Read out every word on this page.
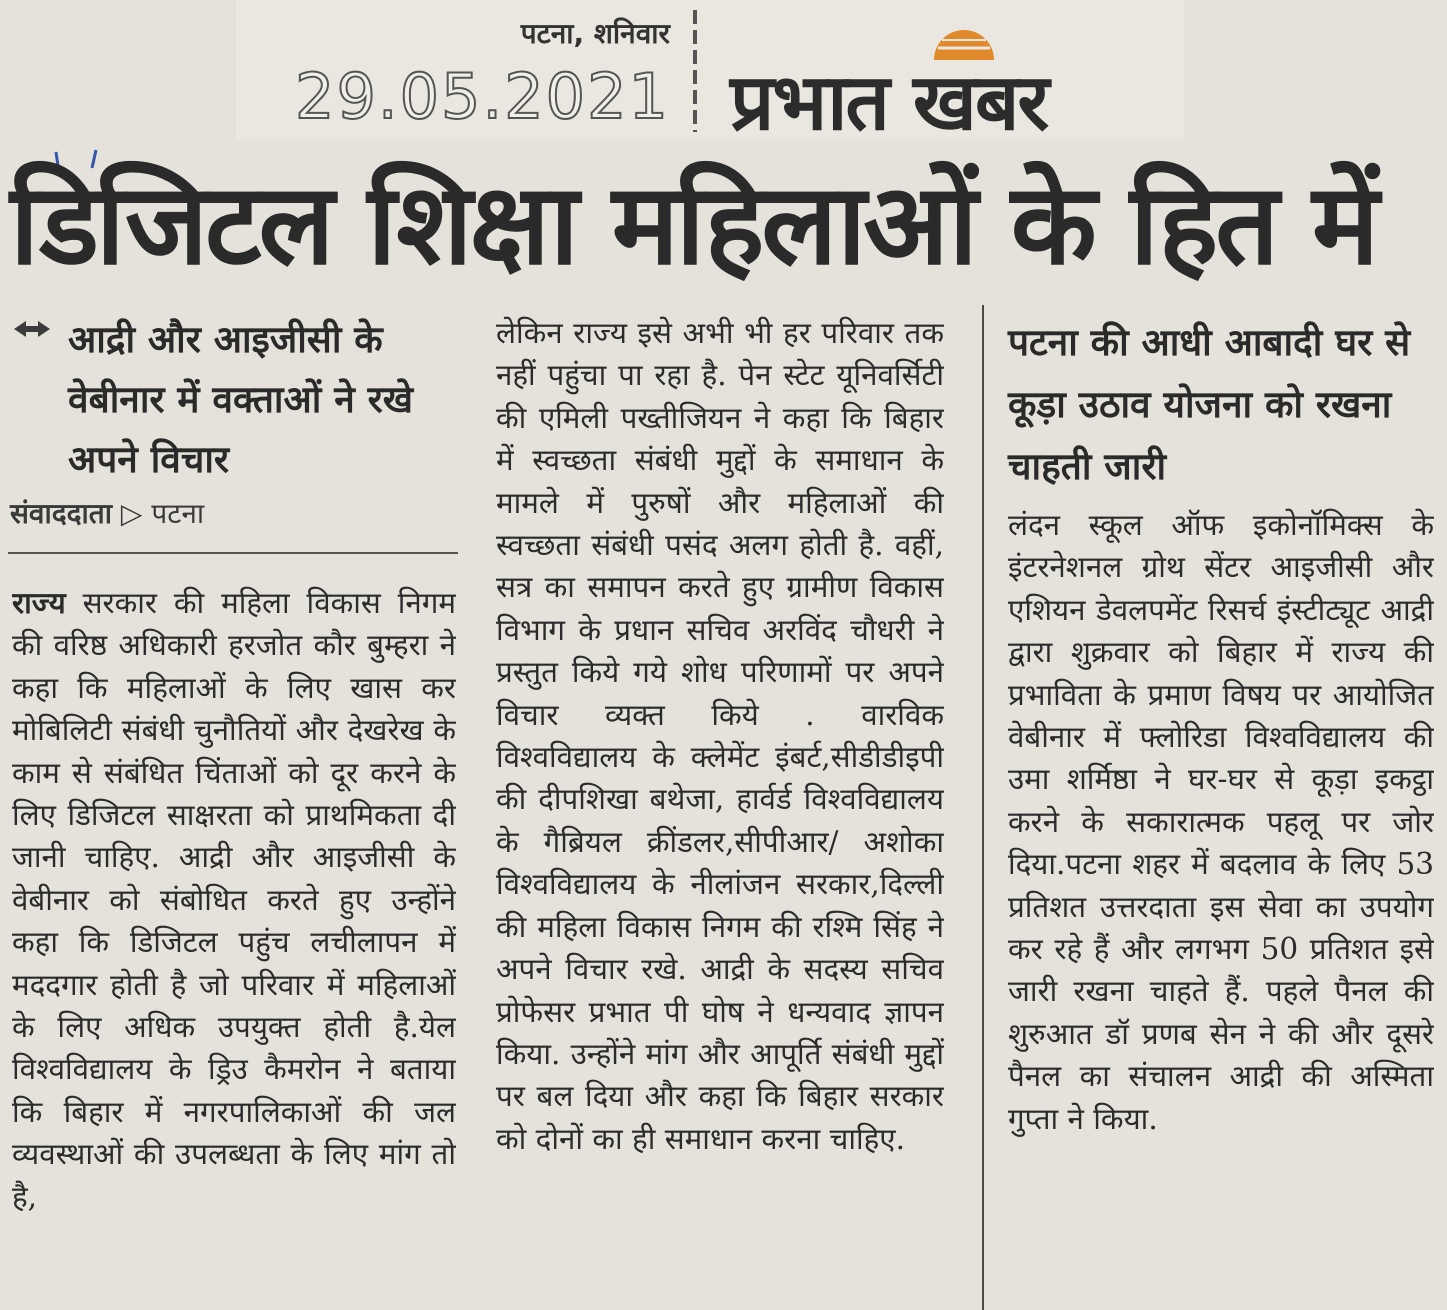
पटना, शनिवार
29.05.2021 प्रभात खबर
डिजिटल शिक्षा महिलाओं के हित में
आद्री और आइजीसी के वेबीनार में वक्ताओं ने रखे अपने विचार
संवाददाता ▷ पटना
राज्य सरकार की महिला विकास निगम की वरिष्ठ अधिकारी हरजोत कौर बुम्हरा ने कहा कि महिलाओं के लिए खास कर मोबिलिटी संबंधी चुनौतियों और देखरेख के काम से संबंधित चिंताओं को दूर करने के लिए डिजिटल साक्षरता को प्राथमिकता दी जानी चाहिए. आद्री और आइजीसी के वेबीनार को संबोधित करते हुए उन्होंने कहा कि डिजिटल पहुंच लचीलापन में मददगार होती है जो परिवार में महिलाओं के लिए अधिक उपयुक्त होती है.येल विश्वविद्यालय के ड्रिउ कैमरोन ने बताया कि बिहार में नगरपालिकाओं की जल व्यवस्थाओं की उपलब्धता के लिए मांग तो है,
लेकिन राज्य इसे अभी भी हर परिवार तक नहीं पहुंचा पा रहा है. पेन स्टेट यूनिवर्सिटी की एमिली पख्तीजियन ने कहा कि बिहार में स्वच्छता संबंधी मुद्दों के समाधान के मामले में पुरुषों और महिलाओं की स्वच्छता संबंधी पसंद अलग होती है. वहीं, सत्र का समापन करते हुए ग्रामीण विकास विभाग के प्रधान सचिव अरविंद चौधरी ने प्रस्तुत किये गये शोध परिणामों पर अपने विचार व्यक्त किये . वारविक विश्वविद्यालय के क्लेमेंट इंबर्ट,सीडीडीइपी की दीपशिखा बथेजा, हार्वर्ड विश्वविद्यालय के गैब्रियल क्रींडलर,सीपीआर/ अशोका विश्वविद्यालय के नीलांजन सरकार,दिल्ली की महिला विकास निगम की रश्मि सिंह ने अपने विचार रखे. आद्री के सदस्य सचिव प्रोफेसर प्रभात पी घोष ने धन्यवाद ज्ञापन किया. उन्होंने मांग और आपूर्ति संबंधी मुद्दों पर बल दिया और कहा कि बिहार सरकार को दोनों का ही समाधान करना चाहिए.
पटना की आधी आबादी घर से कूड़ा उठाव योजना को रखना चाहती जारी
लंदन स्कूल ऑफ इकोनॉमिक्स के इंटरनेशनल ग्रोथ सेंटर आइजीसी और एशियन डेवलपमेंट रिसर्च इंस्टीट्यूट आद्री द्वारा शुक्रवार को बिहार में राज्य की प्रभाविता के प्रमाण विषय पर आयोजित वेबीनार में फ्लोरिडा विश्वविद्यालय की उमा शर्मिष्ठा ने घर-घर से कूड़ा इकट्ठा करने के सकारात्मक पहलू पर जोर दिया.पटना शहर में बदलाव के लिए 53 प्रतिशत उत्तरदाता इस सेवा का उपयोग कर रहे हैं और लगभग 50 प्रतिशत इसे जारी रखना चाहते हैं. पहले पैनल की शुरुआत डॉ प्रणब सेन ने की और दूसरे पैनल का संचालन आद्री की अस्मिता गुप्ता ने किया.
